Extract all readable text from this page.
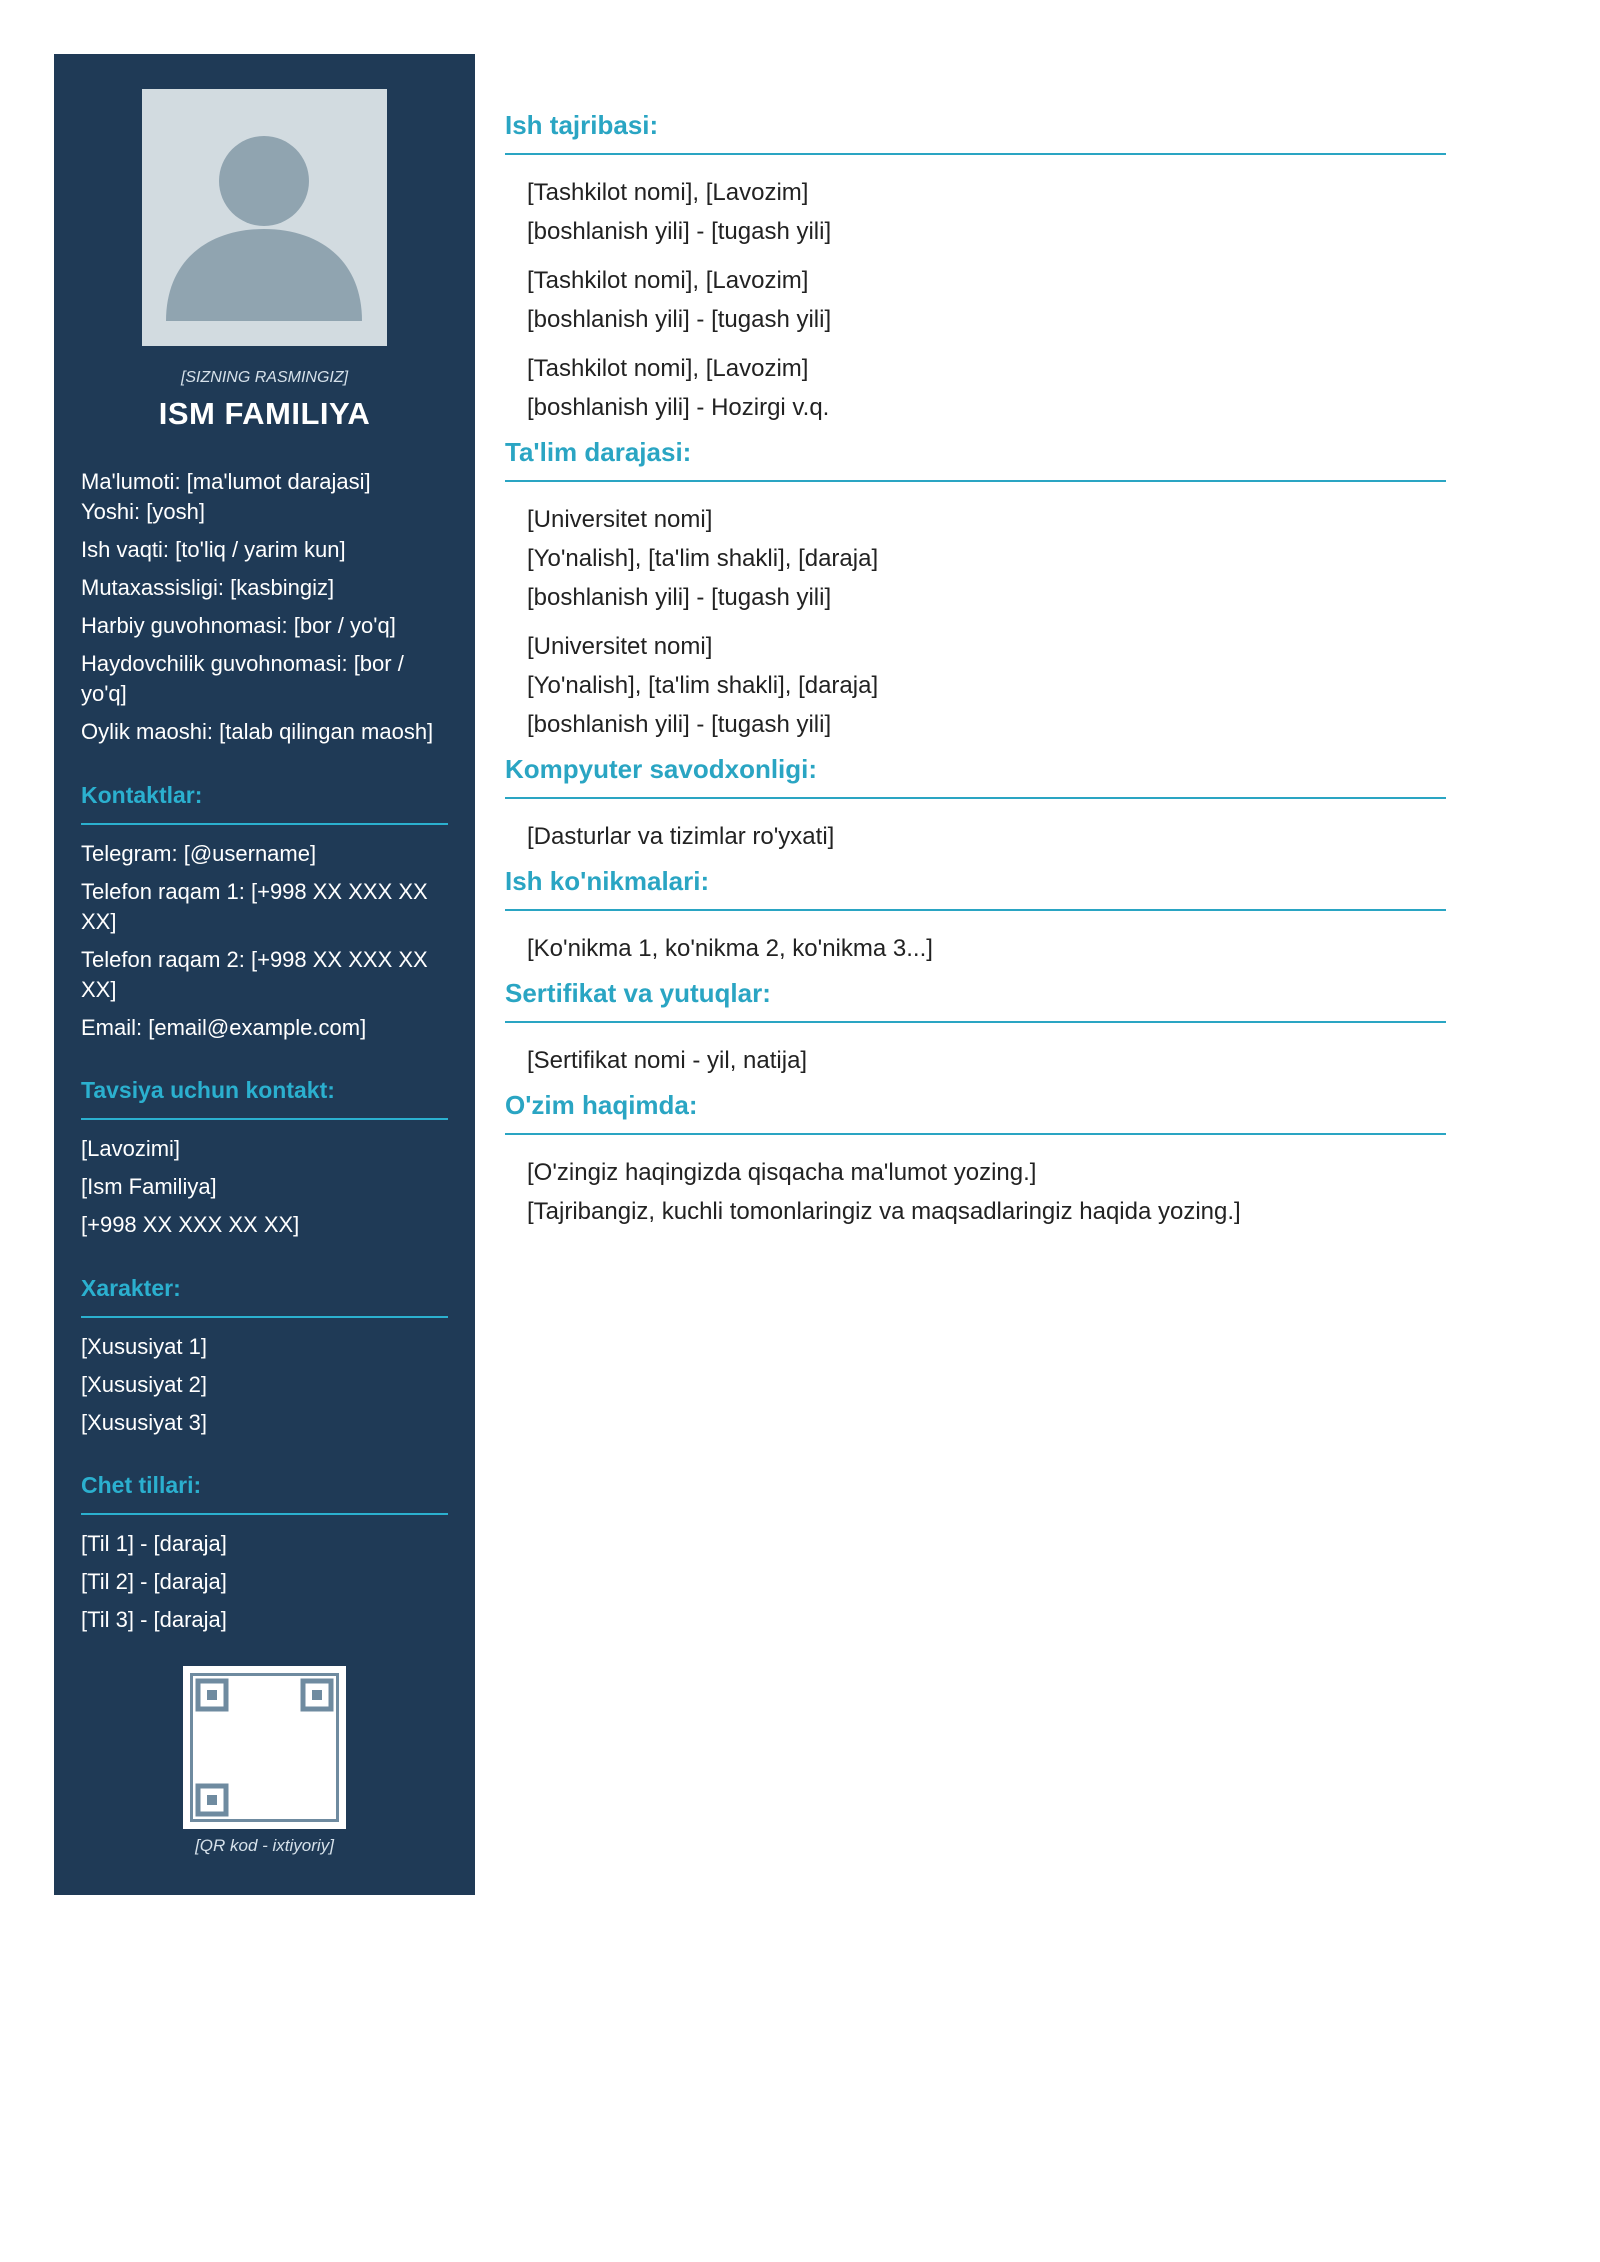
[SIZNING RASMINGIZ]
ISM FAMILIYA
Ma'lumoti: [ma'lumot darajasi]
Yoshi: [yosh]
Ish vaqti: [to'liq / yarim kun]
Mutaxassisligi: [kasbingiz]
Harbiy guvohnomasi: [bor / yo'q]
Haydovchilik guvohnomasi: [bor / yo'q]
Oylik maoshi: [talab qilingan maosh]
Kontaktlar:
Telegram: [@username]
Telefon raqam 1: [+998 XX XXX XX XX]
Telefon raqam 2: [+998 XX XXX XX XX]
Email: [email@example.com]
Tavsiya uchun kontakt:
[Lavozimi]
[Ism Familiya]
[+998 XX XXX XX XX]
Xarakter:
[Xususiyat 1]
[Xususiyat 2]
[Xususiyat 3]
Chet tillari:
[Til 1] - [daraja]
[Til 2] - [daraja]
[Til 3] - [daraja]
[QR kod - ixtiyoriy]
Ish tajribasi:
[Tashkilot nomi], [Lavozim]
[boshlanish yili] - [tugash yili]
[Tashkilot nomi], [Lavozim]
[boshlanish yili] - [tugash yili]
[Tashkilot nomi], [Lavozim]
[boshlanish yili] - Hozirgi v.q.
Ta'lim darajasi:
[Universitet nomi]
[Yo'nalish], [ta'lim shakli], [daraja]
[boshlanish yili] - [tugash yili]
[Universitet nomi]
[Yo'nalish], [ta'lim shakli], [daraja]
[boshlanish yili] - [tugash yili]
Kompyuter savodxonligi:
[Dasturlar va tizimlar ro'yxati]
Ish ko'nikmalari:
[Ko'nikma 1, ko'nikma 2, ko'nikma 3...]
Sertifikat va yutuqlar:
[Sertifikat nomi - yil, natija]
O'zim haqimda:
[O'zingiz haqingizda qisqacha ma'lumot yozing.]
[Tajribangiz, kuchli tomonlaringiz va maqsadlaringiz haqida yozing.]
